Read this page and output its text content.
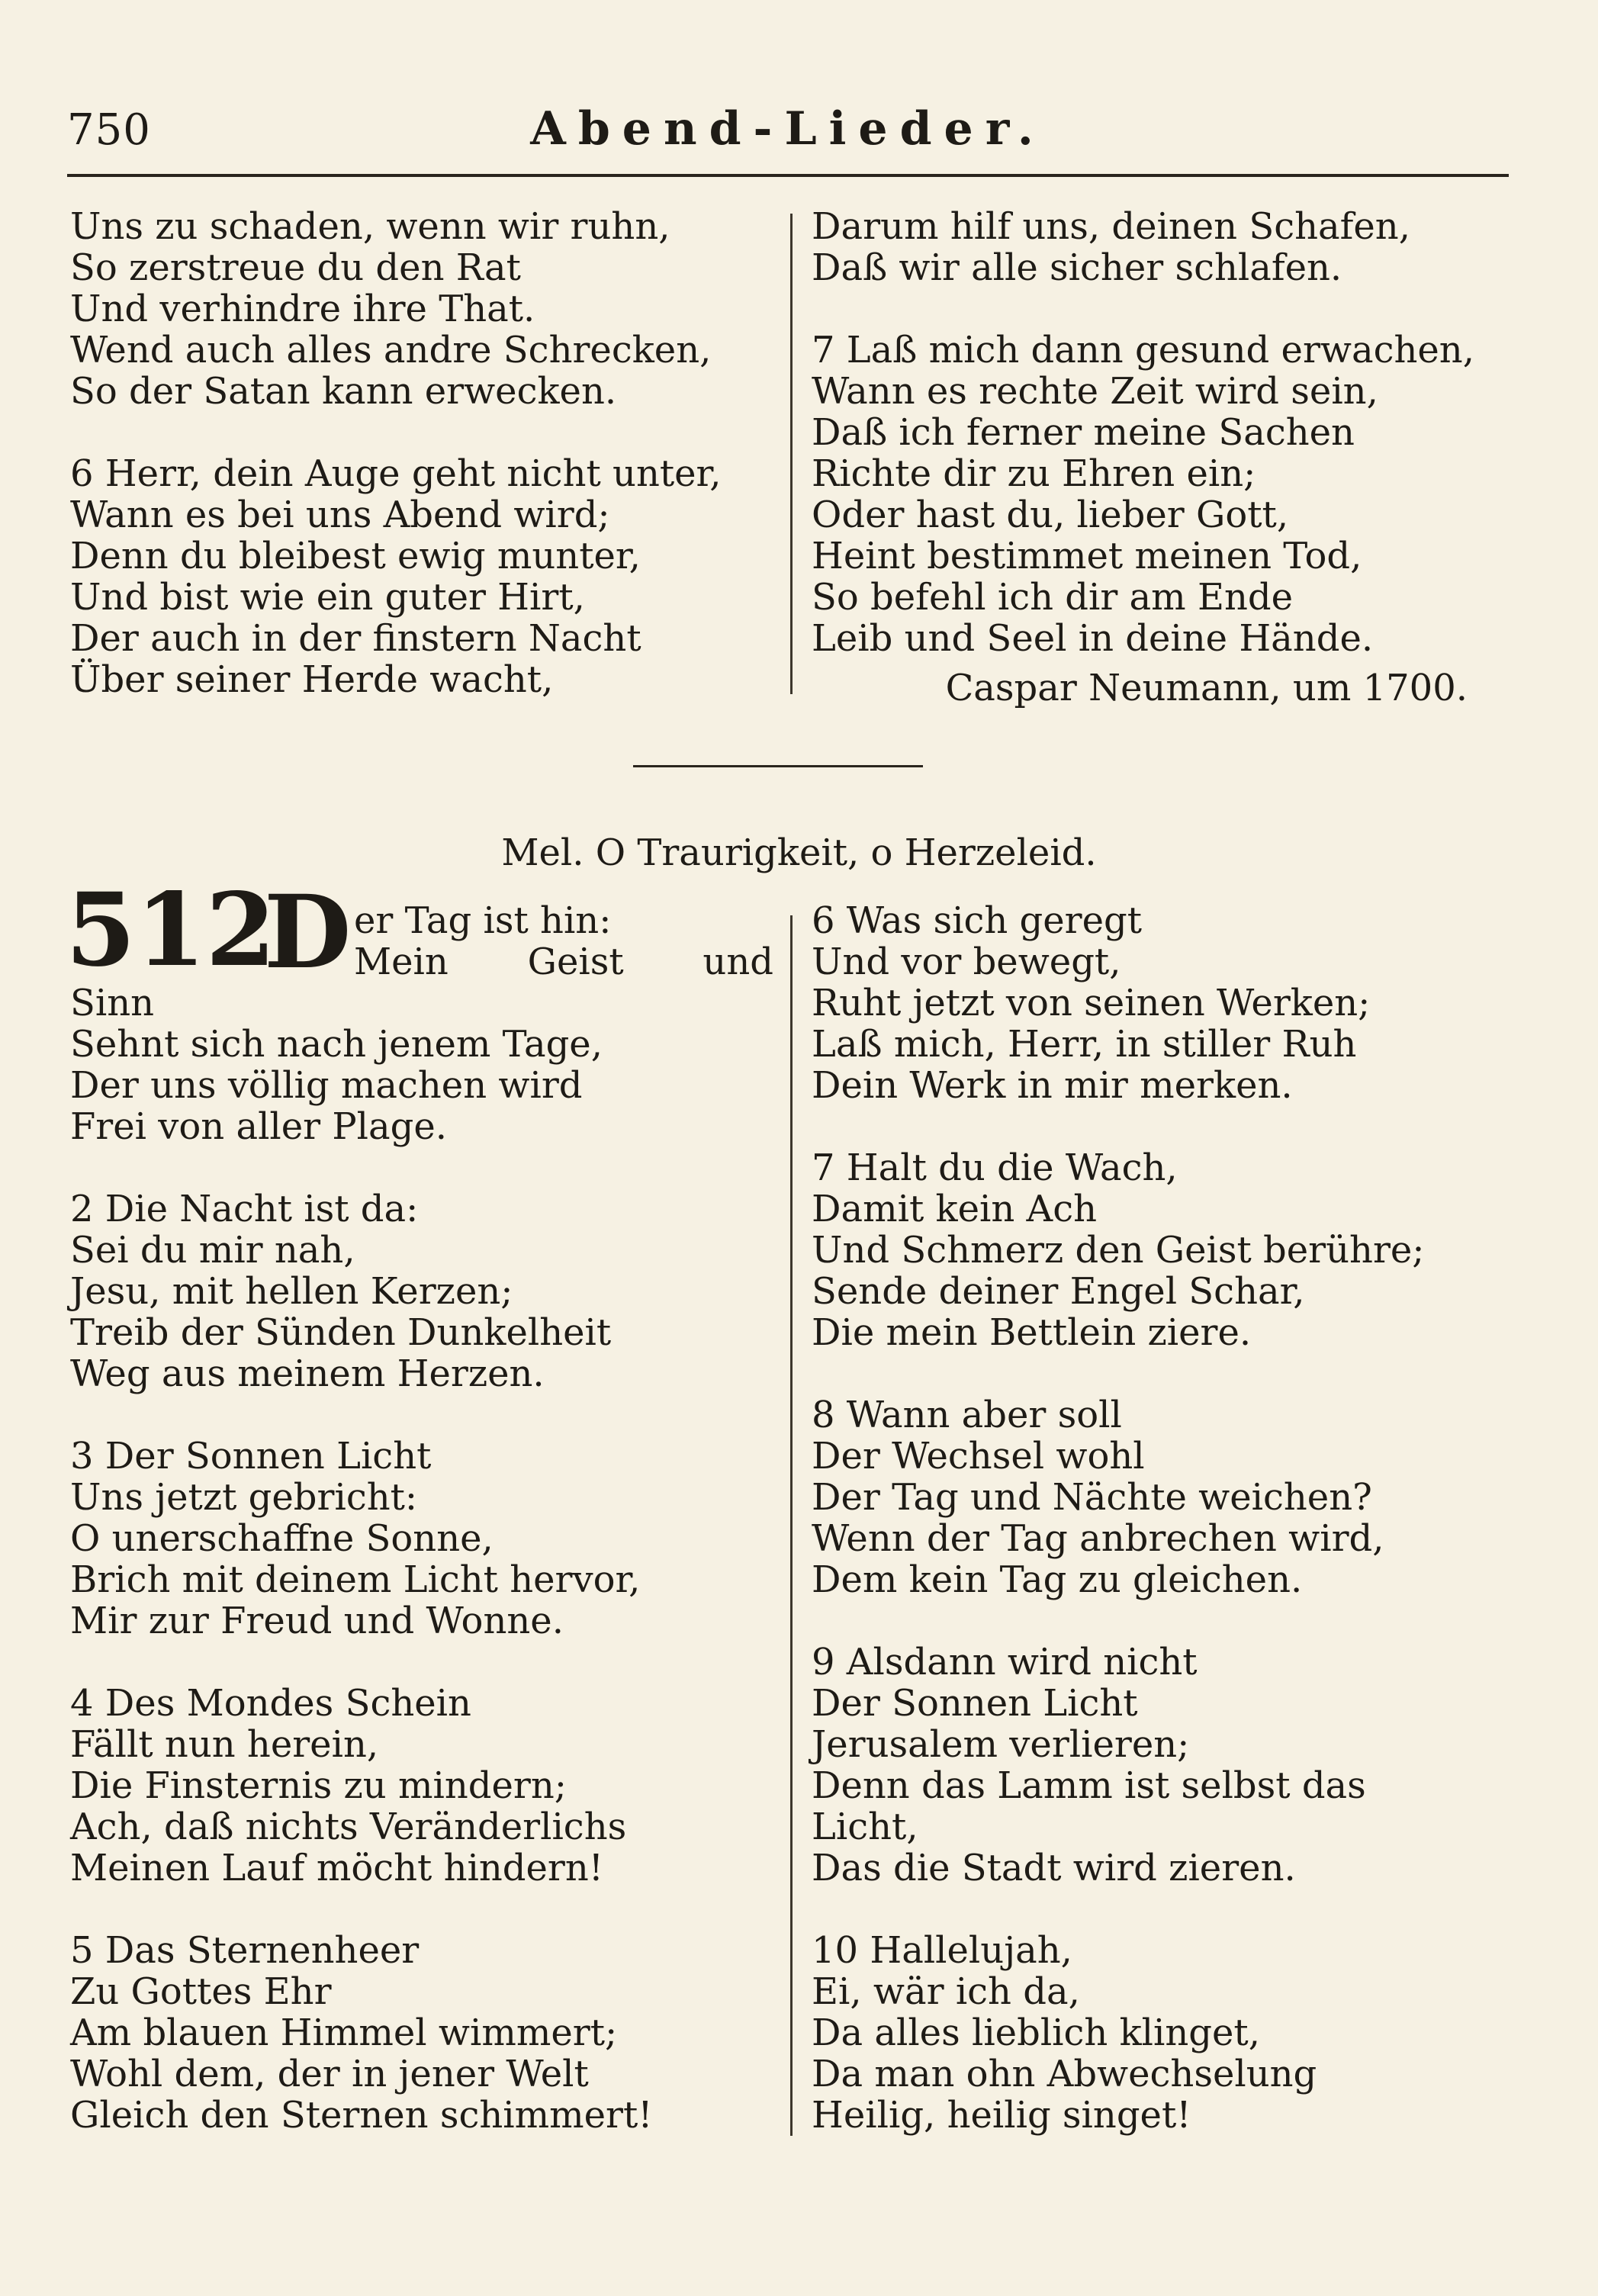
750	Abend-Lieder.
Uns zu schaden, wenn wir ruhn,
So zerstreue du den Rat
Und verhindre ihre That.
Wend auch alles andre Schrecken,
So der Satan kann erwecken.
6 Herr, dein Auge geht nicht unter,
Wann es bei uns Abend wird;
Denn du bleibest ewig munter,
Und bist wie ein guter Hirt,
Der auch in der finstern Nacht
Über seiner Herde wacht,
Darum hilf uns, deinen Schafen,
Daß wir alle sicher schlafen.
7 Laß mich dann gesund erwachen,
Wann es rechte Zeit wird sein,
Daß ich ferner meine Sachen
Richte dir zu Ehren ein;
Oder hast du, lieber Gott,
Heint bestimmet meinen Tod,
So befehl ich dir am Ende
Leib und Seel in deine Hände.
Caspar Neumann, um 1700.
Mel. O Traurigkeit, o Herzeleid.
512
D er Tag ist hin:
Mein Geist und
Sinn
Sehnt sich nach jenem Tage,
Der uns völlig machen wird
Frei von aller Plage.
2 Die Nacht ist da:
Sei du mir nah,
Jesu, mit hellen Kerzen;
Treib der Sünden Dunkelheit
Weg aus meinem Herzen.
3 Der Sonnen Licht
Uns jetzt gebricht:
O unerschaffne Sonne,
Brich mit deinem Licht hervor,
Mir zur Freud und Wonne.
4 Des Mondes Schein
Fällt nun herein,
Die Finsternis zu mindern;
Ach, daß nichts Veränderlichs
Meinen Lauf möcht hindern!
5 Das Sternenheer
Zu Gottes Ehr
Am blauen Himmel wimmert;
Wohl dem, der in jener Welt
Gleich den Sternen schimmert!
6 Was sich geregt
Und vor bewegt,
Ruht jetzt von seinen Werken;
Laß mich, Herr, in stiller Ruh
Dein Werk in mir merken.
7 Halt du die Wach,
Damit kein Ach
Und Schmerz den Geist berühre;
Sende deiner Engel Schar,
Die mein Bettlein ziere.
8 Wann aber soll
Der Wechsel wohl
Der Tag und Nächte weichen?
Wenn der Tag anbrechen wird,
Dem kein Tag zu gleichen.
9 Alsdann wird nicht
Der Sonnen Licht
Jerusalem verlieren;
Denn das Lamm ist selbst das
Licht,
Das die Stadt wird zieren.
10 Hallelujah,
Ei, wär ich da,
Da alles lieblich klinget,
Da man ohn Abwechselung
Heilig, heilig singet!
